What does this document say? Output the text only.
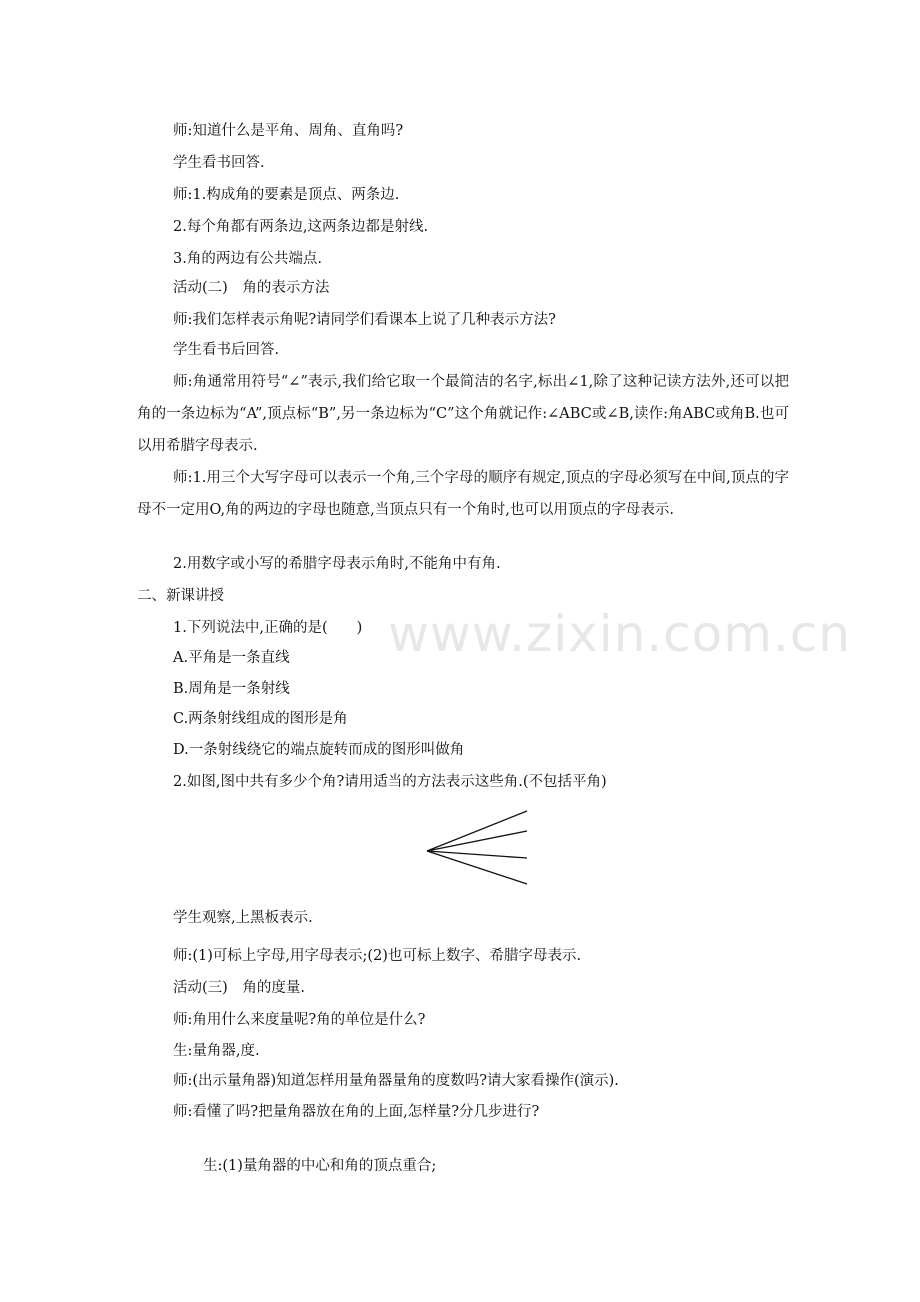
www.zixin.com.cn
师:知道什么是平角、周角、直角吗?
学生看书回答.
师:1.构成角的要素是顶点、两条边.
2.每个角都有两条边,这两条边都是射线.
3.角的两边有公共端点.
活动(二)　角的表示方法
师:我们怎样表示角呢?请同学们看课本上说了几种表示方法?
学生看书后回答.
师:角通常用符号“∠”表示,我们给它取一个最简洁的名字,标出∠1,除了这种记读方法外,还可以把角的一条边标为“A”,顶点标“B”,另一条边标为“C”这个角就记作:∠ABC或∠B,读作:角ABC或角B.也可以用希腊字母表示.
师:1.用三个大写字母可以表示一个角,三个字母的顺序有规定,顶点的字母必须写在中间,顶点的字母不一定用O,角的两边的字母也随意,当顶点只有一个角时,也可以用顶点的字母表示.
2.用数字或小写的希腊字母表示角时,不能角中有角.
二、新课讲授
1.下列说法中,正确的是(　　)
A.平角是一条直线
B.周角是一条射线
C.两条射线组成的图形是角
D.一条射线绕它的端点旋转而成的图形叫做角
2.如图,图中共有多少个角?请用适当的方法表示这些角.(不包括平角)
学生观察,上黑板表示.
师:(1)可标上字母,用字母表示;(2)也可标上数字、希腊字母表示.
活动(三)　角的度量.
师:角用什么来度量呢?角的单位是什么?
生:量角器,度.
师:(出示量角器)知道怎样用量角器量角的度数吗?请大家看操作(演示).
师:看懂了吗?把量角器放在角的上面,怎样量?分几步进行?
生:(1)量角器的中心和角的顶点重合;
